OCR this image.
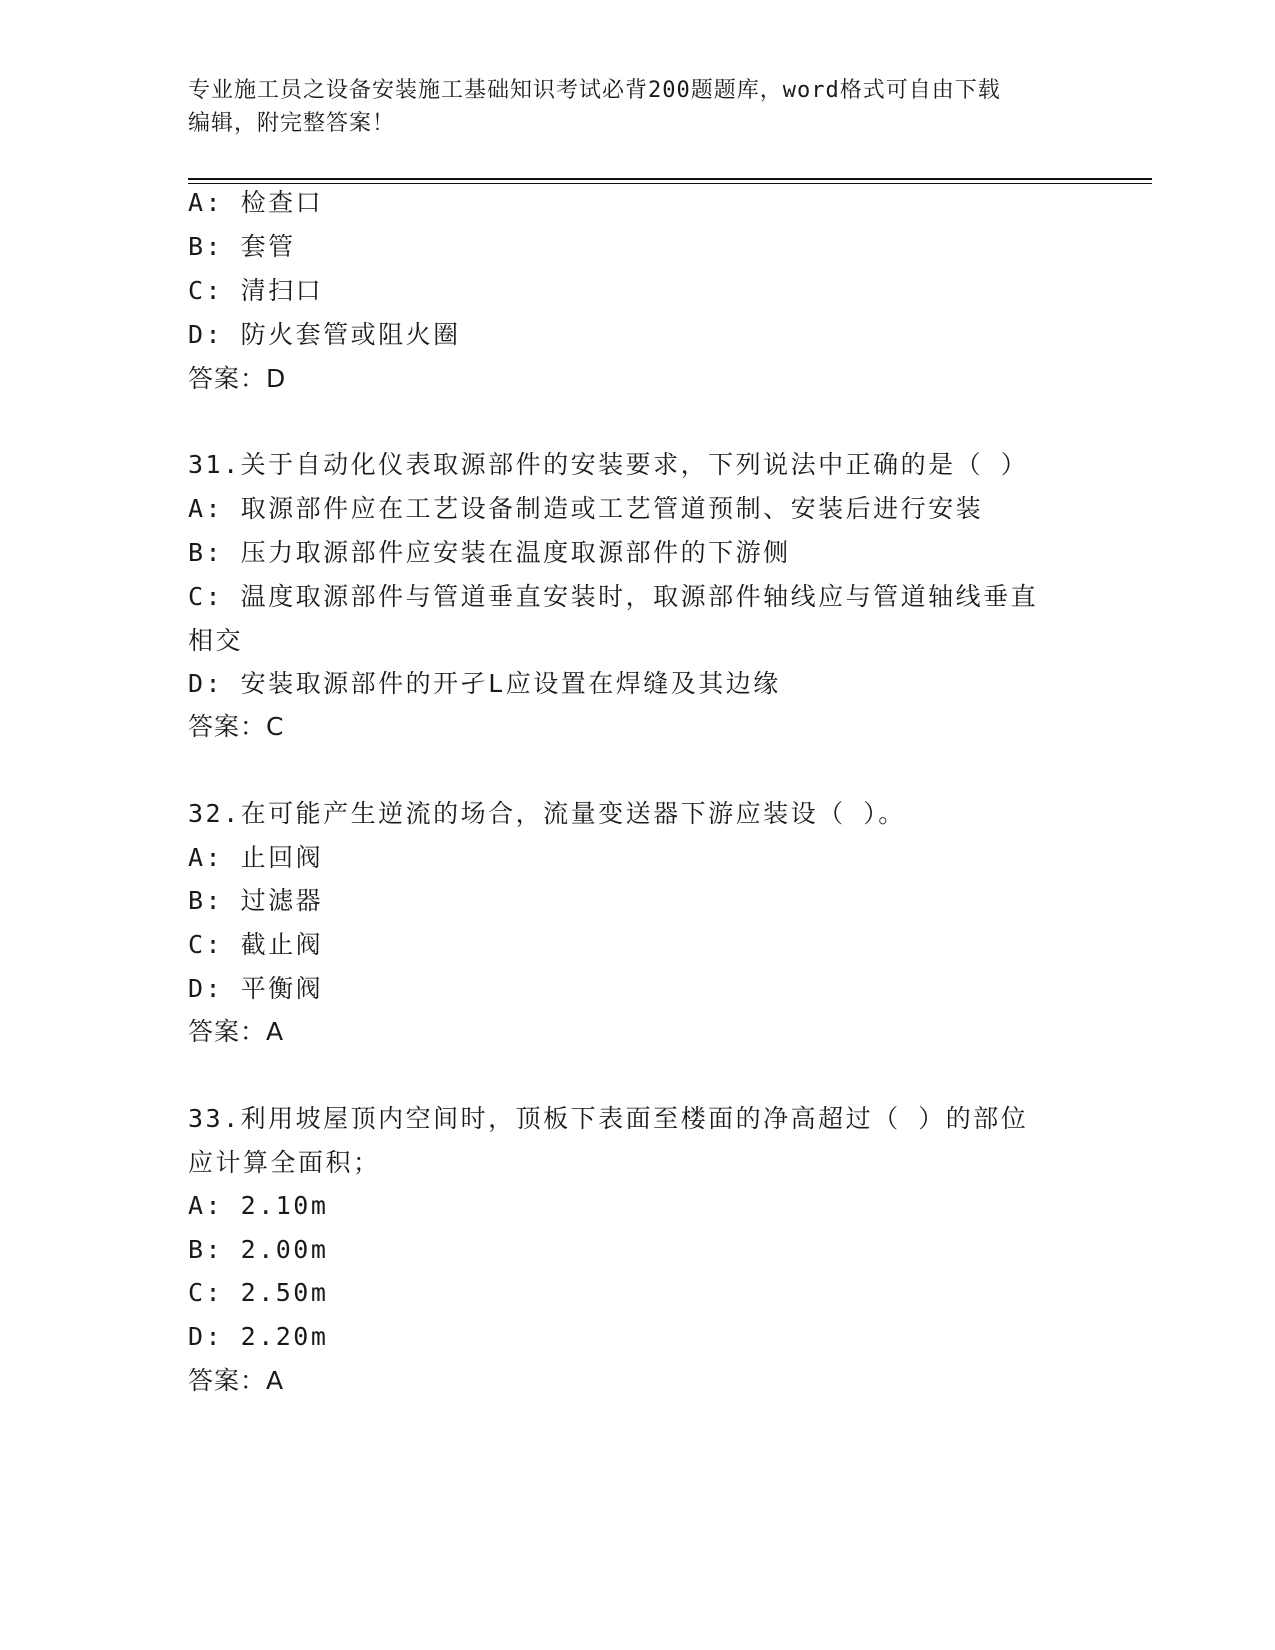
专业施工员之设备安装施工基础知识考试必背200题题库，word格式可自由下载
编辑，附完整答案！
A: 检查口
B: 套管
C: 清扫口
D: 防火套管或阻火圈
答案：D
31.关于自动化仪表取源部件的安装要求，下列说法中正确的是（ ）
A: 取源部件应在工艺设备制造或工艺管道预制、安装后进行安装
B: 压力取源部件应安装在温度取源部件的下游侧
C: 温度取源部件与管道垂直安装时，取源部件轴线应与管道轴线垂直
相交
D: 安装取源部件的开孑L应设置在焊缝及其边缘
答案：C
32.在可能产生逆流的场合，流量变送器下游应装设（ ）。
A: 止回阀
B: 过滤器
C: 截止阀
D: 平衡阀
答案：A
33.利用坡屋顶内空间时，顶板下表面至楼面的净高超过（ ）的部位
应计算全面积；
A: 2.10m
B: 2.00m
C: 2.50m
D: 2.20m
答案：A
